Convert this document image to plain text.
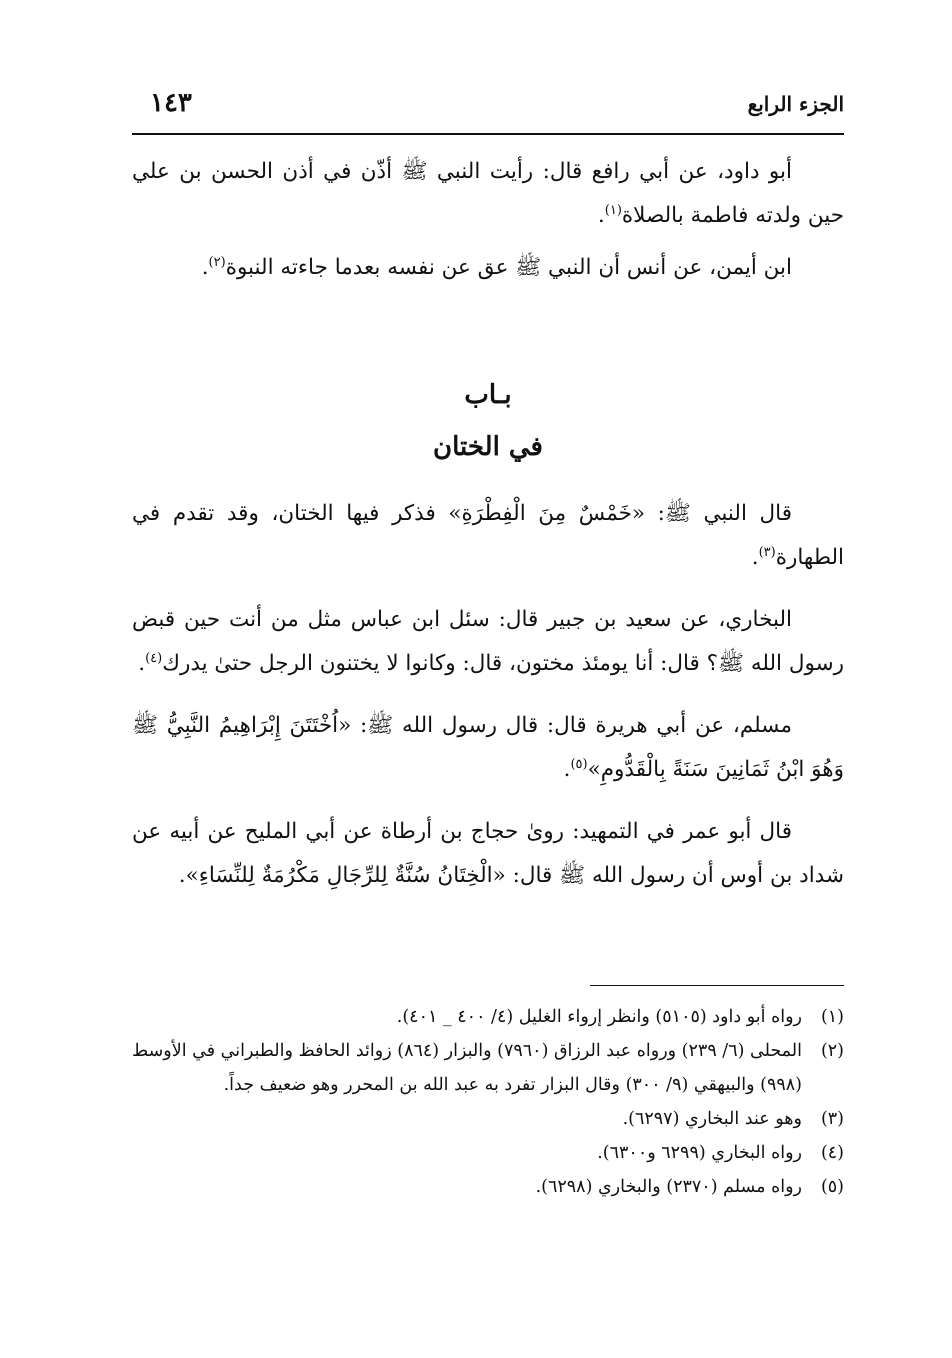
الجزء الرابع
١٤٣

أبو داود، عن أبي رافع قال: رأيت النبي ﷺ أذّن في أذن الحسن بن علي حين ولدته فاطمة بالصلاة$^{(١)}$.

ابن أيمن، عن أنس أن النبي ﷺ عق عن نفسه بعدما جاءته النبوة$^{(٢)}$.

بـاب

في الختان

قال النبي ﷺ: «خَمْسٌ مِنَ الْفِطْرَةِ» فذكر فيها الختان، وقد تقدم في الطهارة$^{(٣)}$.

البخاري، عن سعيد بن جبير قال: سئل ابن عباس مثل من أنت حين قبض رسول الله ﷺ؟ قال: أنا يومئذ مختون، قال: وكانوا لا يختنون الرجل حتىٰ يدرك$^{(٤)}$.

مسلم، عن أبي هريرة قال: قال رسول الله ﷺ: «اُخْتَتَنَ إِبْرَاهِيمُ النَّبِيُّ ﷺ وَهُوَ ابْنُ ثَمَانِينَ سَنَةً بِالْقَدُّومِ»$^{(٥)}$.

قال أبو عمر في التمهيد: رویٰ حجاج بن أرطاة عن أبي المليح عن أبيه عن شداد بن أوس أن رسول الله ﷺ قال: «الْخِتَانُ سُنَّةٌ لِلرِّجَالِ مَكْرُمَةٌ لِلنِّسَاءِ».

(١)
رواه أبو داود (٥١٠٥) وانظر إرواء الغليل (٤/ ٤٠٠ _ ٤٠١).
(٢)
المحلى (٦/ ٢٣٩) ورواه عبد الرزاق (٧٩٦٠) والبزار (٨٦٤) زوائد الحافظ والطبراني في الأوسط (٩٩٨) والبيهقي (٩/ ٣٠٠) وقال البزار تفرد به عبد الله بن المحرر وهو ضعيف جداً.
(٣)
وهو عند البخاري (٦٢٩٧).
(٤)
رواه البخاري (٦٢٩٩ و٦٣٠٠).
(٥)
رواه مسلم (٢٣٧٠) والبخاري (٦٢٩٨).
